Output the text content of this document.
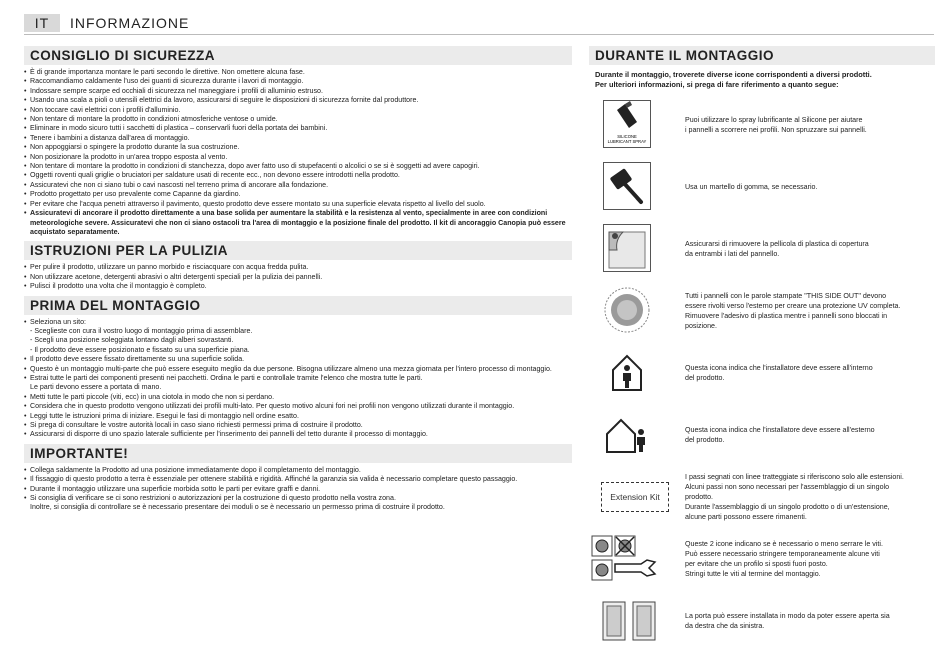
IT	INFORMAZIONE
CONSIGLIO DI SICUREZZA
• È di grande importanza montare le parti secondo le direttive. Non omettere alcuna fase.
• Raccomandiamo caldamente l'uso dei guanti di sicurezza durante i lavori di montaggio.
• Indossare sempre scarpe ed occhiali di sicurezza nel maneggiare i profili di alluminio estruso.
• Usando una scala a pioli o utensili elettrici da lavoro, assicurarsi di seguire le disposizioni di sicurezza fornite dal produttore.
• Non toccare cavi elettrici con i profili d'alluminio.
• Non tentare di montare la prodotto in condizioni atmosferiche ventose o umide.
• Eliminare in modo sicuro tutti i sacchetti di plastica – conservarli fuori della portata dei bambini.
• Tenere i bambini a distanza dall'area di montaggio.
• Non appoggiarsi o spingere la prodotto durante la sua costruzione.
• Non posizionare la prodotto in un'area troppo esposta al vento.
• Non tentare di montare la prodotto in condizioni di stanchezza, dopo aver fatto uso di stupefacenti o alcolici o se si è soggetti ad avere capogiri.
• Oggetti roventi quali griglie o bruciatori per saldature usati di recente ecc., non devono essere introdotti nella prodotto.
• Assicuratevi che non ci siano tubi o cavi nascosti nel terreno prima di ancorare alla fondazione.
• Prodotto progettato per uso prevalente come Capanne da giardino.
• Per evitare che l'acqua penetri attraverso il pavimento, questo prodotto deve essere montato su una superficie elevata rispetto al livello del suolo.
• Assicuratevi di ancorare il prodotto direttamente a una base solida per aumentare la stabilità e la resistenza al vento, specialmente in aree con condizioni meteorologiche severe. Assicuratevi che non ci siano ostacoli tra l'area di montaggio e la posizione finale del prodotto. Il kit di ancoraggio Canopia può essere acquistato separatamente.
ISTRUZIONI PER LA PULIZIA
• Per pulire il prodotto, utilizzare un panno morbido e risciacquare con acqua fredda pulita.
• Non utilizzare acetone, detergenti abrasivi o altri detergenti speciali per la pulizia dei pannelli.
• Pulisci il prodotto una volta che il montaggio è completo.
PRIMA DEL MONTAGGIO
• Seleziona un sito:
- Sceglieste con cura il vostro luogo di montaggio prima di assemblare.
- Scegli una posizione soleggiata lontano dagli alberi sovrastanti.
- Il prodotto deve essere posizionato e fissato su una superficie piana.
• Il prodotto deve essere fissato direttamente su una superficie solida.
• Questo è un montaggio multi-parte che può essere eseguito meglio da due persone. Bisogna utilizzare almeno una mezza giornata per l'intero processo di montaggio.
• Estrai tutte le parti dei componenti presenti nei pacchetti. Ordina le parti e controllale tramite l'elenco che mostra tutte le parti.
Le parti devono essere a portata di mano.
• Metti tutte le parti piccole (viti, ecc) in una ciotola in modo che non si perdano.
• Considera che in questo prodotto vengono utilizzati dei profili multi-lato. Per questo motivo alcuni fori nei profili non vengono utilizzati durante il montaggio.
• Leggi tutte le istruzioni prima di iniziare. Esegui le fasi di montaggio nell ordine esatto.
• Si prega di consultare le vostre autorità locali in caso siano richiesti permessi prima di costruire il prodotto.
• Assicurarsi di disporre di uno spazio laterale sufficiente per l'inserimento dei pannelli del tetto durante il processo di montaggio.
IMPORTANTE!
• Collega saldamente la Prodotto ad una posizione immediatamente dopo il completamento del montaggio.
• Il fissaggio di questo prodotto a terra è essenziale per ottenere stabilità e rigidità. Affinché la garanzia sia valida è necessario completare questo passaggio.
• Durante il montaggio utilizzare una superficie morbida sotto le parti per evitare graffi e danni.
• Si consiglia di verificare se ci sono restrizioni o autorizzazioni per la costruzione di questo prodotto nella vostra zona.
Inoltre, si consiglia di controllare se è necessario presentare dei moduli o se è necessario un permesso prima di costruire il prodotto.
DURANTE IL MONTAGGIO
Durante il montaggio, troverete diverse icone corrispondenti a diversi prodotti.
Per ulteriori informazioni, si prega di fare riferimento a quanto segue:
SILICONE
LUBRICANT SPRAY
Puoi utilizzare lo spray lubrificante al Silicone per aiutare
i pannelli a scorrere nei profili. Non spruzzare sui pannelli.
Usa un martello di gomma, se necessario.
Assicurarsi di rimuovere la pellicola di plastica di copertura
da entrambi i lati del pannello.
Tutti i pannelli con le parole stampate "THIS SIDE OUT" devono
essere rivolti verso l'esterno per creare una protezione UV completa.
Rimuovere l'adesivo di plastica mentre i pannelli sono bloccati in
posizione.
Questa icona indica che l'installatore deve essere all'interno
del prodotto.
Questa icona indica che l'installatore deve essere all'esterno
del prodotto.
Extension Kit
I passi segnati con linee tratteggiate si riferiscono solo alle estensioni.
Alcuni passi non sono necessari per l'assemblaggio di un singolo
prodotto.
Durante l'assemblaggio di un singolo prodotto o di un'estensione,
alcune parti possono essere rimanenti.
Queste 2 icone indicano se è necessario o meno serrare le viti.
Può essere necessario stringere temporaneamente alcune viti
per evitare che un profilo si sposti fuori posto.
Stringi tutte le viti al termine del montaggio.
La porta può essere installata in modo da poter essere aperta sia
da destra che da sinistra.
